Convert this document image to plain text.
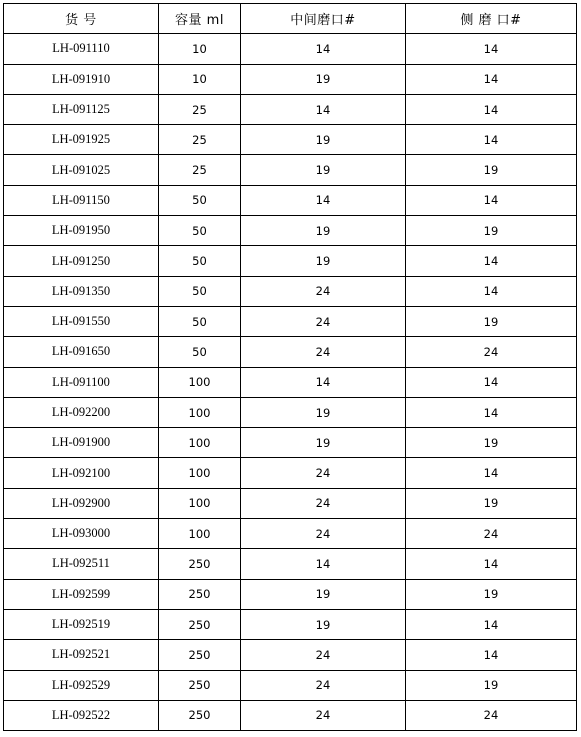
货 号	容量 ml	中间磨口#	侧 磨 口#
LH-091110	10	14	14
LH-091910	10	19	14
LH-091125	25	14	14
LH-091925	25	19	14
LH-091025	25	19	19
LH-091150	50	14	14
LH-091950	50	19	19
LH-091250	50	19	14
LH-091350	50	24	14
LH-091550	50	24	19
LH-091650	50	24	24
LH-091100	100	14	14
LH-092200	100	19	14
LH-091900	100	19	19
LH-092100	100	24	14
LH-092900	100	24	19
LH-093000	100	24	24
LH-092511	250	14	14
LH-092599	250	19	19
LH-092519	250	19	14
LH-092521	250	24	14
LH-092529	250	24	19
LH-092522	250	24	24
